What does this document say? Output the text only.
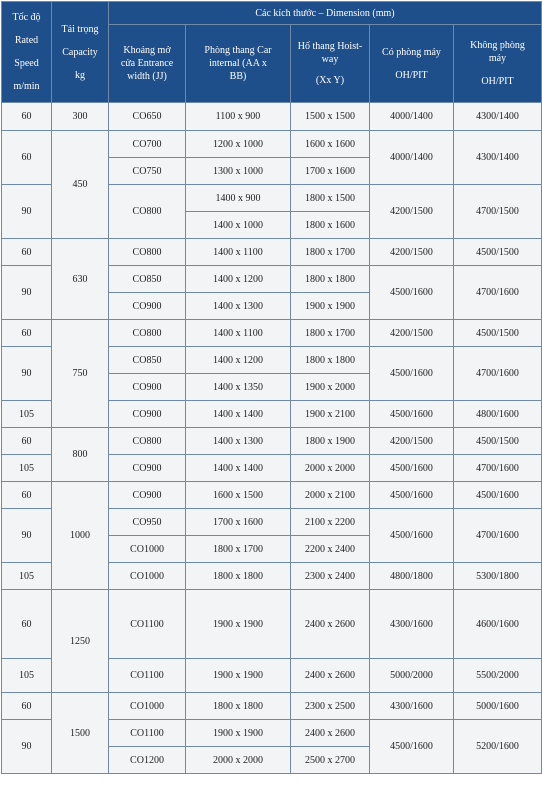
Tốc độ
Rated
Speed
m/min	Tải trọng
Capacity
kg	Các kích thước – Dimension (mm)				

		Khoảng mở
cửa Entrance
width (JJ)	Phòng thang Car
internal (AA x
BB)	Hố thang Hoist-
way
(Xx Y)	Có phòng máy
OH/PIT	Không phòng
máy
OH/PIT

60	300	CO650	1100 x 900	1500 x 1500	4000/1400	4300/1400
60	450	CO700	1200 x 1000	1600 x 1600	4000/1400	4300/1400
		CO750	1300 x 1000	1700 x 1600		
90		CO800	1400 x 900	1800 x 1500	4200/1500	4700/1500
			1400 x 1000	1800 x 1600		
60	630	CO800	1400 x 1100	1800 x 1700	4200/1500	4500/1500
90		CO850	1400 x 1200	1800 x 1800	4500/1600	4700/1600
		CO900	1400 x 1300	1900 x 1900		
60	750	CO800	1400 x 1100	1800 x 1700	4200/1500	4500/1500
90		CO850	1400 x 1200	1800 x 1800	4500/1600	4700/1600
		CO900	1400 x 1350	1900 x 2000		
105		CO900	1400 x 1400	1900 x 2100	4500/1600	4800/1600
60	800	CO800	1400 x 1300	1800 x 1900	4200/1500	4500/1500
105		CO900	1400 x 1400	2000 x 2000	4500/1600	4700/1600
60	1000	CO900	1600 x 1500	2000 x 2100	4500/1600	4500/1600
90		CO950	1700 x 1600	2100 x 2200	4500/1600	4700/1600
		CO1000	1800 x 1700	2200 x 2400		
105		CO1000	1800 x 1800	2300 x 2400	4800/1800	5300/1800
60	1250	CO1100	1900 x 1900	2400 x 2600	4300/1600	4600/1600
105		CO1100	1900 x 1900	2400 x 2600	5000/2000	5500/2000
60	1500	CO1000	1800 x 1800	2300 x 2500	4300/1600	5000/1600
90		CO1100	1900 x 1900	2400 x 2600	4500/1600	5200/1600
		CO1200	2000 x 2000	2500 x 2700		
